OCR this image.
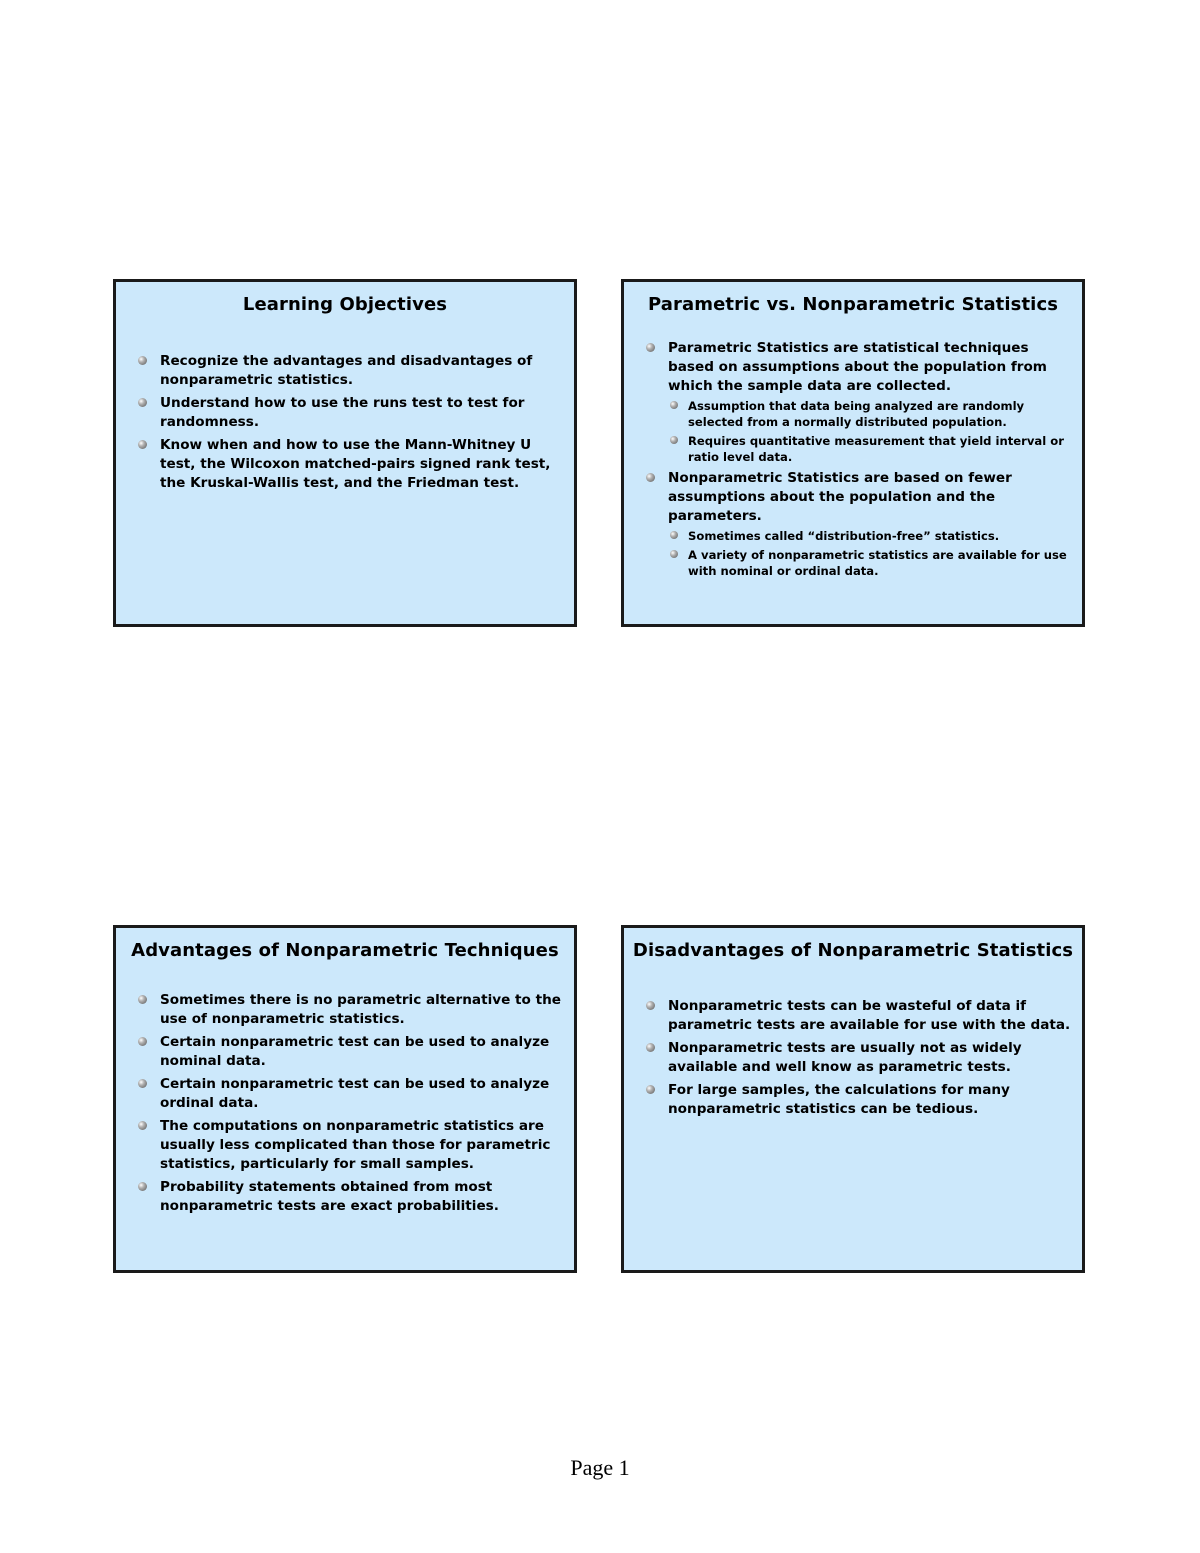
Learning Objectives
Recognize the advantages and disadvantages of nonparametric statistics.
Understand how to use the runs test to test for randomness.
Know when and how to use the Mann-Whitney U test, the Wilcoxon matched-pairs signed rank test, the Kruskal-Wallis test, and the Friedman test.
Parametric vs. Nonparametric Statistics
Parametric Statistics are statistical techniques based on assumptions about the population from which the sample data are collected.
Assumption that data being analyzed are randomly selected from a normally distributed population.
Requires quantitative measurement that yield interval or ratio level data.
Nonparametric Statistics are based on fewer assumptions about the population and the parameters.
Sometimes called “distribution-free” statistics.
A variety of nonparametric statistics are available for use with nominal or ordinal data.
Advantages of Nonparametric Techniques
Sometimes there is no parametric alternative to the use of nonparametric statistics.
Certain nonparametric test can be used to analyze nominal data.
Certain nonparametric test can be used to analyze ordinal data.
The computations on nonparametric statistics are usually less complicated than those for parametric statistics, particularly for small samples.
Probability statements obtained from most nonparametric tests are exact probabilities.
Disadvantages of Nonparametric Statistics
Nonparametric tests can be wasteful of data if parametric tests are available for use with the data.
Nonparametric tests are usually not as widely available and well know as parametric tests.
For large samples, the calculations for many nonparametric statistics can be tedious.
Page 1
